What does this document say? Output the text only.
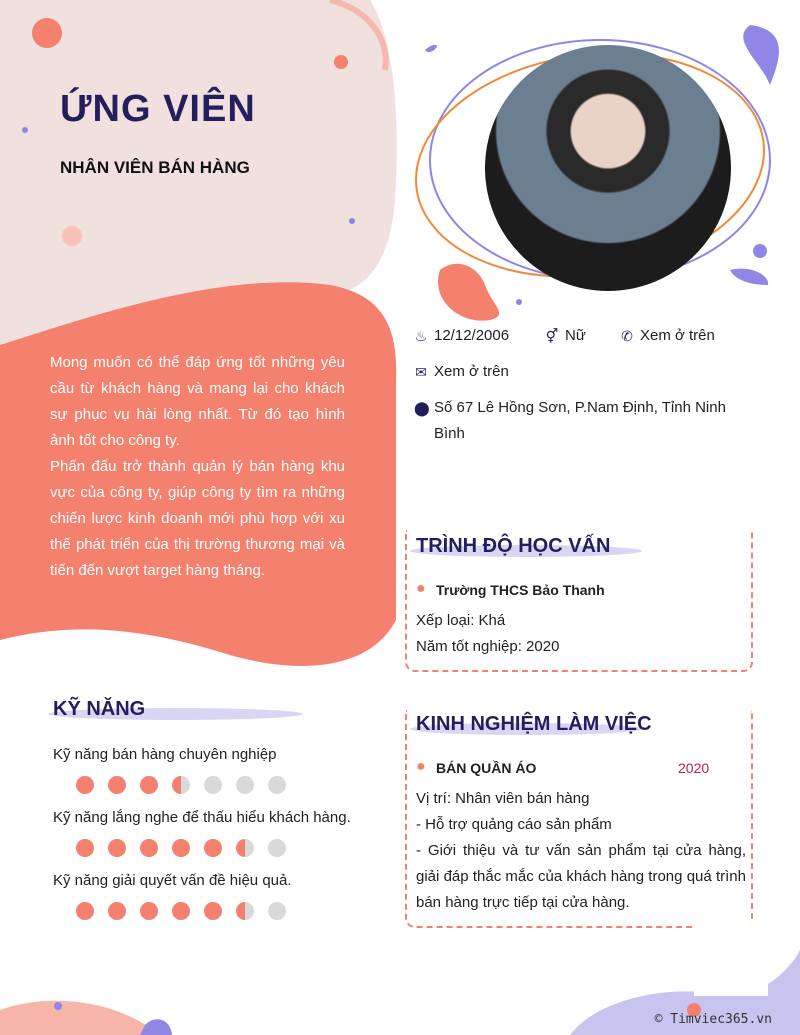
ỨNG VIÊN
NHÂN VIÊN BÁN HÀNG

Mong muốn có thể đáp ứng tốt những yêu cầu từ khách hàng và mang lại cho khách sự phục vụ hài lòng nhất. Từ đó tạo hình ảnh tốt cho công ty.

Phấn đấu trở thành quản lý bán hàng khu vực của công ty, giúp công ty tìm ra những chiến lược kinh doanh mới phù hợp với xu thế phát triển của thị trường thương mại và tiến đến vượt target hàng tháng.

♨ 12/12/2006	⚥ Nữ	✆ Xem ở trên
✉ Xem ở trên
⬤ Số 67 Lê Hồng Sơn, P.Nam Định, Tỉnh Ninh Bình
TRÌNH ĐỘ HỌC VẤN
● Trường THCS Bảo Thanh
Xếp loại: Khá
Năm tốt nghiệp: 2020
KINH NGHIỆM LÀM VIỆC
● BÁN QUẦN ÁO	2020
Vị trí: Nhân viên bán hàng
- Hỗ trợ quảng cáo sản phẩm
- Giới thiệu và tư vấn sản phẩm tại cửa hàng, giải đáp thắc mắc của khách hàng trong quá trình bán hàng trực tiếp tại cửa hàng.
KỸ NĂNG
Kỹ năng bán hàng chuyên nghiệp
Kỹ năng lắng nghe để thấu hiểu khách hàng.
Kỹ năng giải quyết vấn đề hiệu quả.
© Timviec365.vn
